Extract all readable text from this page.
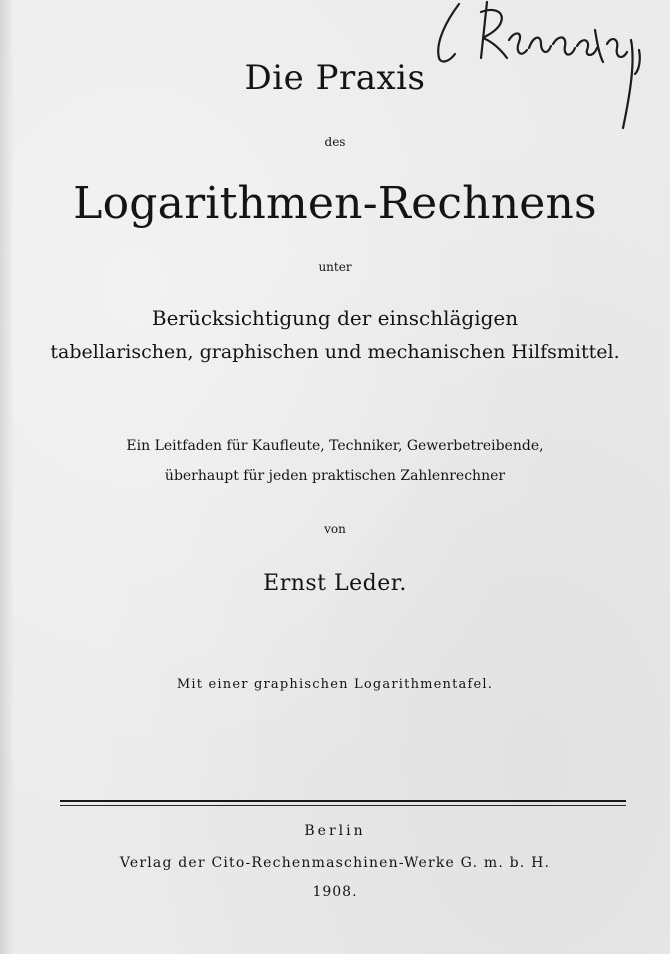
Die Praxis
des
Logarithmen-Rechnens
unter
Berücksichtigung der einschlägigen
tabellarischen, graphischen und mechanischen Hilfsmittel.
Ein Leitfaden für Kaufleute, Techniker, Gewerbetreibende,
überhaupt für jeden praktischen Zahlenrechner
von
Ernst Leder.
Mit einer graphischen Logarithmentafel.
Berlin
Verlag der Cito-Rechenmaschinen-Werke G. m. b. H.
1908.
